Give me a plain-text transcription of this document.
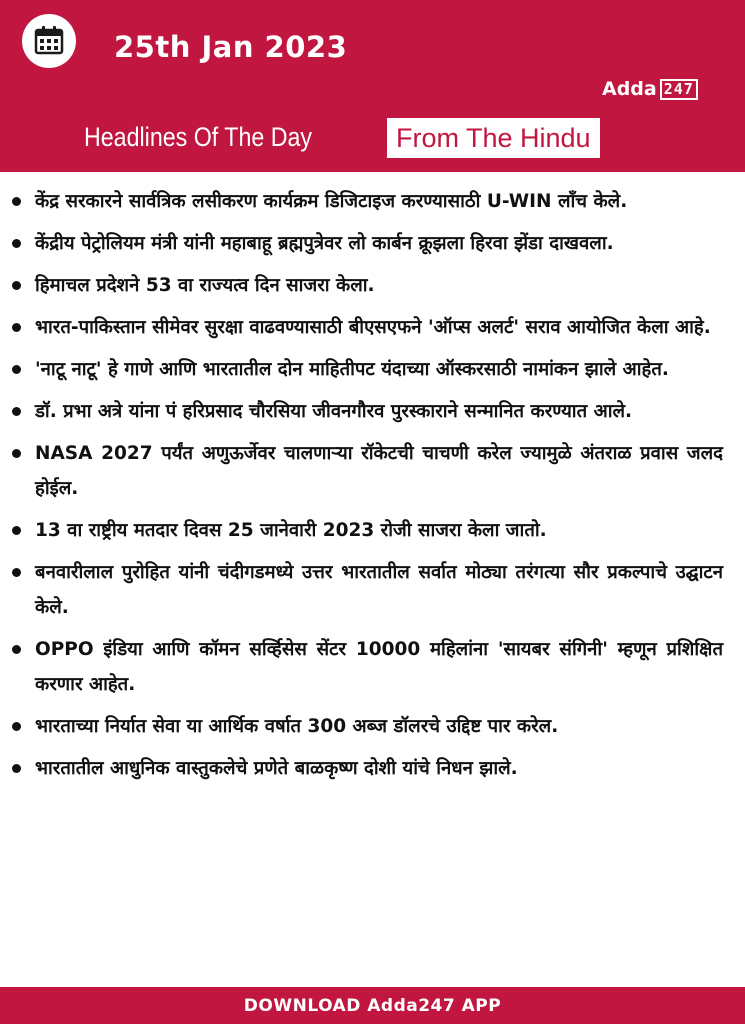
25th Jan 2023
Adda 247
Headlines Of The Day	From The Hindu
केंद्र सरकारने सार्वत्रिक लसीकरण कार्यक्रम डिजिटाइज करण्यासाठी U-WIN लाँच केले.
केंद्रीय पेट्रोलियम मंत्री यांनी महाबाहू ब्रह्मपुत्रेवर लो कार्बन क्रूझला हिरवा झेंडा दाखवला.
हिमाचल प्रदेशने 53 वा राज्यत्व दिन साजरा केला.
भारत-पाकिस्तान सीमेवर सुरक्षा वाढवण्यासाठी बीएसएफने 'ऑप्स अलर्ट' सराव आयोजित केला आहे.
'नाटू नाटू' हे गाणे आणि भारतातील दोन माहितीपट यंदाच्या ऑस्करसाठी नामांकन झाले आहेत.
डॉ. प्रभा अत्रे यांना पं हरिप्रसाद चौरसिया जीवनगौरव पुरस्काराने सन्मानित करण्यात आले.
NASA 2027 पर्यंत अणुऊर्जेवर चालणाऱ्या रॉकेटची चाचणी करेल ज्यामुळे अंतराळ प्रवास जलद होईल.
13 वा राष्ट्रीय मतदार दिवस 25 जानेवारी 2023 रोजी साजरा केला जातो.
बनवारीलाल पुरोहित यांनी चंदीगडमध्ये उत्तर भारतातील सर्वात मोठ्या तरंगत्या सौर प्रकल्पाचे उद्घाटन केले.
OPPO इंडिया आणि कॉमन सर्व्हिसेस सेंटर 10000 महिलांना 'सायबर संगिनी' म्हणून प्रशिक्षित करणार आहेत.
भारताच्या निर्यात सेवा या आर्थिक वर्षात 300 अब्ज डॉलरचे उद्दिष्ट पार करेल.
भारतातील आधुनिक वास्तुकलेचे प्रणेते बाळकृष्ण दोशी यांचे निधन झाले.
DOWNLOAD Adda247 APP
